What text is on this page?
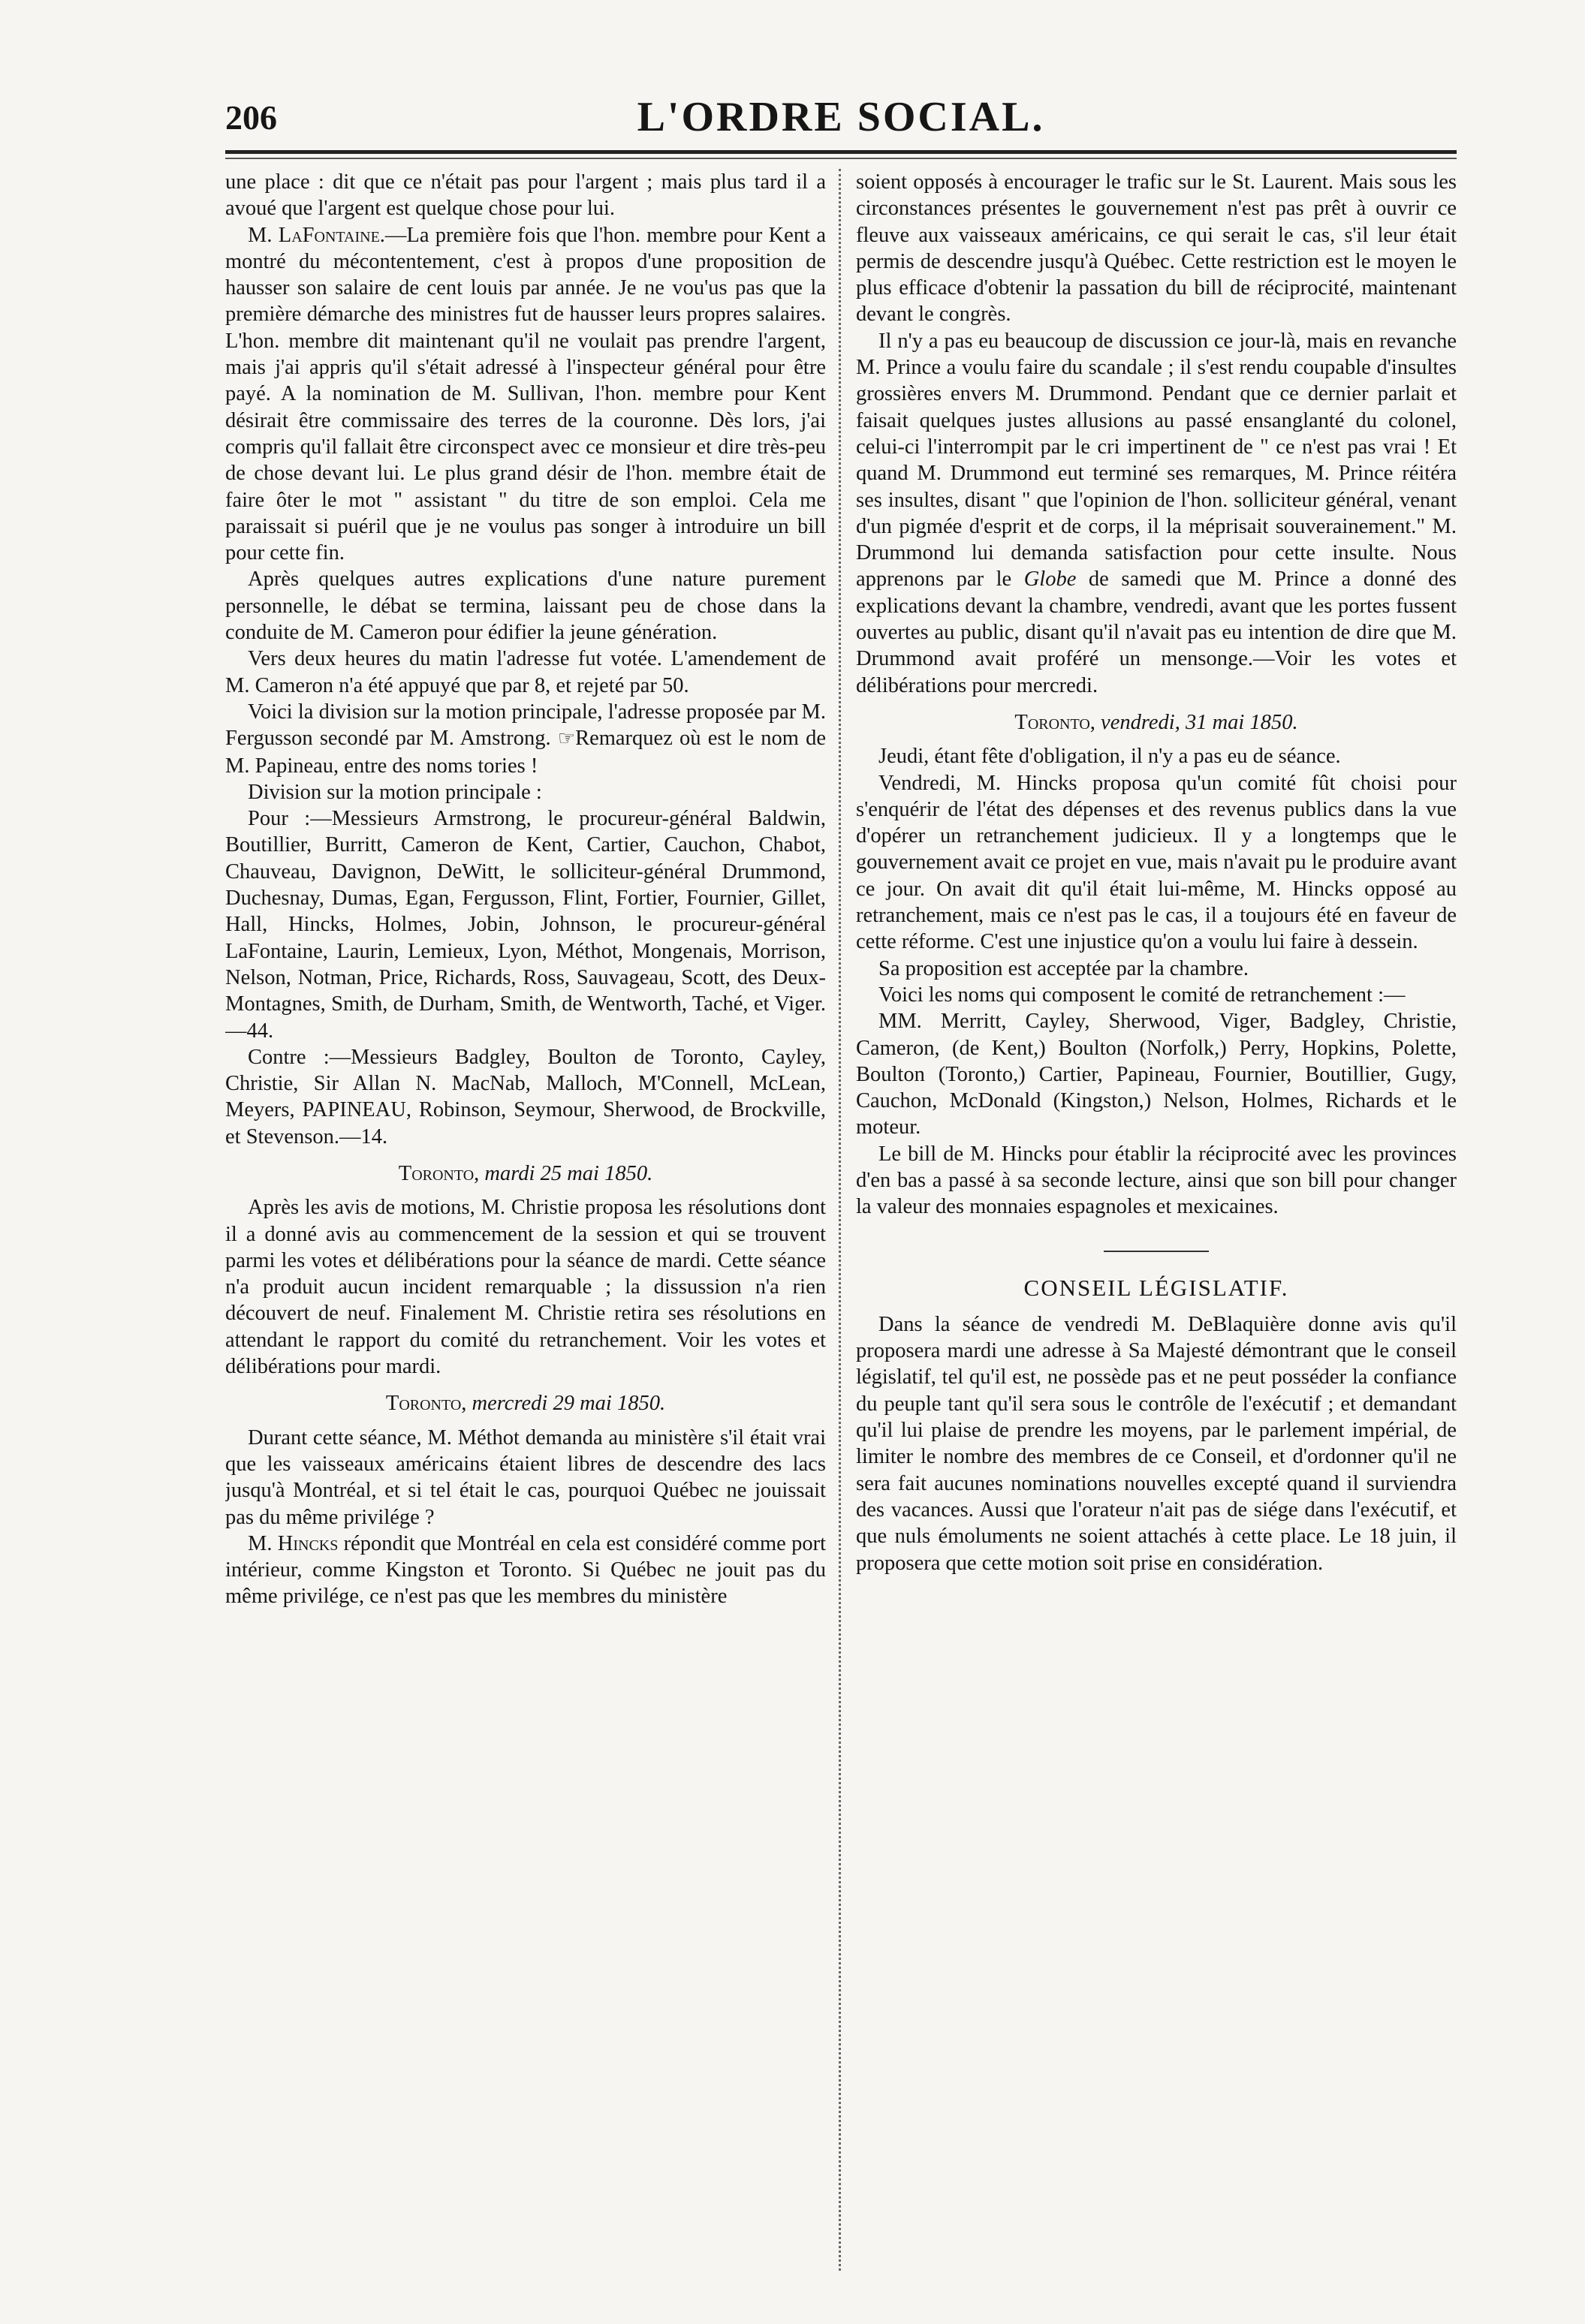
206	L'ORDRE SOCIAL.

une place : dit que ce n'était pas pour l'argent ; mais plus tard il a avoué que l'argent est quelque chose pour lui.

M. LaFontaine.—La première fois que l'hon. membre pour Kent a montré du mécontentement, c'est à propos d'une proposition de hausser son salaire de cent louis par année. Je ne vou'us pas que la première démarche des ministres fut de hausser leurs propres salaires. L'hon. membre dit maintenant qu'il ne voulait pas prendre l'argent, mais j'ai appris qu'il s'était adressé à l'inspecteur général pour être payé. A la nomination de M. Sullivan, l'hon. membre pour Kent désirait être commissaire des terres de la couronne. Dès lors, j'ai compris qu'il fallait être circonspect avec ce monsieur et dire très-peu de chose devant lui. Le plus grand désir de l'hon. membre était de faire ôter le mot " assistant " du titre de son emploi. Cela me paraissait si puéril que je ne voulus pas songer à introduire un bill pour cette fin.

Après quelques autres explications d'une nature purement personnelle, le débat se termina, laissant peu de chose dans la conduite de M. Cameron pour édifier la jeune génération.

Vers deux heures du matin l'adresse fut votée. L'amendement de M. Cameron n'a été appuyé que par 8, et rejeté par 50.

Voici la division sur la motion principale, l'adresse proposée par M. Fergusson secondé par M. Amstrong. ☞Remarquez où est le nom de M. Papineau, entre des noms tories !

Division sur la motion principale :

Pour :—Messieurs Armstrong, le procureur-général Baldwin, Boutillier, Burritt, Cameron de Kent, Cartier, Cauchon, Chabot, Chauveau, Davignon, DeWitt, le solliciteur-général Drummond, Duchesnay, Dumas, Egan, Fergusson, Flint, Fortier, Fournier, Gillet, Hall, Hincks, Holmes, Jobin, Johnson, le procureur-général LaFontaine, Laurin, Lemieux, Lyon, Méthot, Mongenais, Morrison, Nelson, Notman, Price, Richards, Ross, Sauvageau, Scott, des Deux-Montagnes, Smith, de Durham, Smith, de Wentworth, Taché, et Viger.—44.

Contre :—Messieurs Badgley, Boulton de Toronto, Cayley, Christie, Sir Allan N. MacNab, Malloch, M'Connell, McLean, Meyers, PAPINEAU, Robinson, Seymour, Sherwood, de Brockville, et Stevenson.—14.

Toronto, mardi 25 mai 1850.

Après les avis de motions, M. Christie proposa les résolutions dont il a donné avis au commencement de la session et qui se trouvent parmi les votes et délibérations pour la séance de mardi. Cette séance n'a produit aucun incident remarquable ; la dissussion n'a rien découvert de neuf. Finalement M. Christie retira ses résolutions en attendant le rapport du comité du retranchement. Voir les votes et délibérations pour mardi.

Toronto, mercredi 29 mai 1850.

Durant cette séance, M. Méthot demanda au ministère s'il était vrai que les vaisseaux américains étaient libres de descendre des lacs jusqu'à Montréal, et si tel était le cas, pourquoi Québec ne jouissait pas du même privilége ?

M. Hincks répondit que Montréal en cela est considéré comme port intérieur, comme Kingston et Toronto. Si Québec ne jouit pas du même privilége, ce n'est pas que les membres du ministère

soient opposés à encourager le trafic sur le St. Laurent. Mais sous les circonstances présentes le gouvernement n'est pas prêt à ouvrir ce fleuve aux vaisseaux américains, ce qui serait le cas, s'il leur était permis de descendre jusqu'à Québec. Cette restriction est le moyen le plus efficace d'obtenir la passation du bill de réciprocité, maintenant devant le congrès.

Il n'y a pas eu beaucoup de discussion ce jour-là, mais en revanche M. Prince a voulu faire du scandale ; il s'est rendu coupable d'insultes grossières envers M. Drummond. Pendant que ce dernier parlait et faisait quelques justes allusions au passé ensanglanté du colonel, celui-ci l'interrompit par le cri impertinent de " ce n'est pas vrai ! Et quand M. Drummond eut terminé ses remarques, M. Prince réitéra ses insultes, disant " que l'opinion de l'hon. solliciteur général, venant d'un pigmée d'esprit et de corps, il la méprisait souverainement." M. Drummond lui demanda satisfaction pour cette insulte. Nous apprenons par le Globe de samedi que M. Prince a donné des explications devant la chambre, vendredi, avant que les portes fussent ouvertes au public, disant qu'il n'avait pas eu intention de dire que M. Drummond avait proféré un mensonge.—Voir les votes et délibérations pour mercredi.

Toronto, vendredi, 31 mai 1850.

Jeudi, étant fête d'obligation, il n'y a pas eu de séance.

Vendredi, M. Hincks proposa qu'un comité fût choisi pour s'enquérir de l'état des dépenses et des revenus publics dans la vue d'opérer un retranchement judicieux. Il y a longtemps que le gouvernement avait ce projet en vue, mais n'avait pu le produire avant ce jour. On avait dit qu'il était lui-même, M. Hincks opposé au retranchement, mais ce n'est pas le cas, il a toujours été en faveur de cette réforme. C'est une injustice qu'on a voulu lui faire à dessein.

Sa proposition est acceptée par la chambre.

Voici les noms qui composent le comité de retranchement :—

MM. Merritt, Cayley, Sherwood, Viger, Badgley, Christie, Cameron, (de Kent,) Boulton (Norfolk,) Perry, Hopkins, Polette, Boulton (Toronto,) Cartier, Papineau, Fournier, Boutillier, Gugy, Cauchon, McDonald (Kingston,) Nelson, Holmes, Richards et le moteur.

Le bill de M. Hincks pour établir la réciprocité avec les provinces d'en bas a passé à sa seconde lecture, ainsi que son bill pour changer la valeur des monnaies espagnoles et mexicaines.

CONSEIL LÉGISLATIF.

Dans la séance de vendredi M. DeBlaquière donne avis qu'il proposera mardi une adresse à Sa Majesté démontrant que le conseil législatif, tel qu'il est, ne possède pas et ne peut posséder la confiance du peuple tant qu'il sera sous le contrôle de l'exécutif ; et demandant qu'il lui plaise de prendre les moyens, par le parlement impérial, de limiter le nombre des membres de ce Conseil, et d'ordonner qu'il ne sera fait aucunes nominations nouvelles excepté quand il surviendra des vacances. Aussi que l'orateur n'ait pas de siége dans l'exécutif, et que nuls émoluments ne soient attachés à cette place. Le 18 juin, il proposera que cette motion soit prise en considération.
